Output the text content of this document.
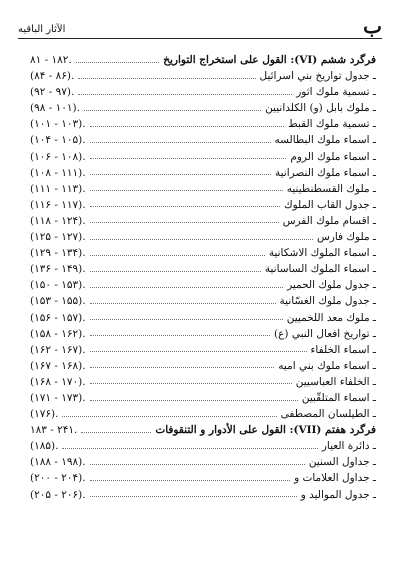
الآثار الباقيه	ب
فرگرد ششم (VI): القول على استخراج التواريخ
۸۱ - ۱۸۲.
ـ جدول تواريخ بني اسرائيل
(۸۴ - ۸۶).
ـ تسمية ملوك اثور
(۹۲ - ۹۷).
ـ ملوك بابل (و) الكلدانيين
(۹۸ - ۱۰۱).
ـ تسمية ملوك القبط
(۱۰۱ - ۱۰۳).
ـ اسماء ملوك البطالسه
(۱۰۴ - ۱۰۵).
ـ اسماء ملوك الروم
(۱۰۶ - ۱۰۸).
ـ اسماء ملوك النصرانية
(۱۰۸ - ۱۱۱).
ـ ملوك القسطنطينيه
(۱۱۱ - ۱۱۳).
ـ جدول القاب الملوك
(۱۱۶ - ۱۱۷).
ـ اقسام ملوك الفرس
(۱۱۸ - ۱۲۴).
ـ ملوك فارس
(۱۲۵ - ۱۲۷).
ـ اسماء الملوك الاشكانية
(۱۲۹ - ۱۳۴).
ـ اسماء الملوك الساسانية
(۱۳۶ - ۱۴۹).
ـ جدول ملوك الحمير
(۱۵۰ - ۱۵۳).
ـ جدول ملوك الغسّانية
(۱۵۳ - ۱۵۵).
ـ ملوك معد اللخميين
(۱۵۶ - ۱۵۷).
ـ تواريخ افعال النبي (ع)
(۱۵۸ - ۱۶۲).
ـ اسماء الخلفاء
(۱۶۲ - ۱۶۷).
ـ اسماء ملوك بني اميه
(۱۶۷ - ۱۶۸).
ـ الخلفاء العباسيين
(۱۶۸ - ۱۷۰).
ـ اسماء المتلقّبين
(۱۷۱ - ۱۷۳).
ـ الطيلسان المصطفى
(۱۷۶).
فرگرد هفتم (VII): القول على الأدوار و التنقوفات
۱۸۳ - ۲۴۱.
ـ دائرة العيار
(۱۸۵).
ـ جداول السنين
(۱۸۸ - ۱۹۸).
ـ جداول العلامات و
(۲۰۰ - ۲۰۴).
ـ جدول المواليد و
(۲۰۵ - ۲۰۶).
